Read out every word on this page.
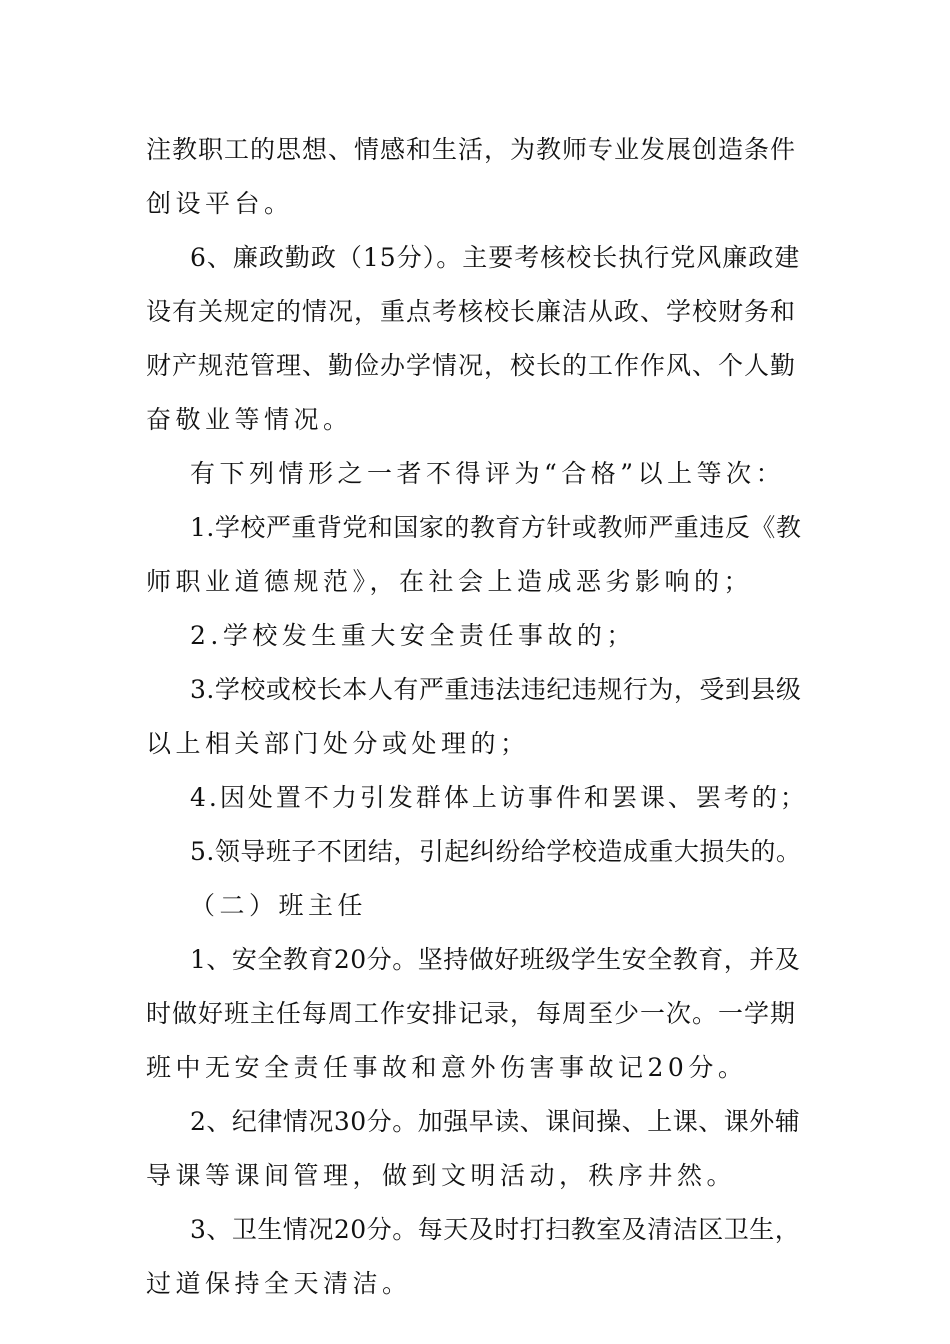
注教职工的思想、情感和生活，为教师专业发展创造条件
创设平台。
6、廉政勤政（15分）。主要考核校长执行党风廉政建
设有关规定的情况，重点考核校长廉洁从政、学校财务和
财产规范管理、勤俭办学情况，校长的工作作风、个人勤
奋敬业等情况。
有下列情形之一者不得评为“合格”以上等次：
1.学校严重背党和国家的教育方针或教师严重违反《教
师职业道德规范》，在社会上造成恶劣影响的；
2.学校发生重大安全责任事故的；
3.学校或校长本人有严重违法违纪违规行为，受到县级
以上相关部门处分或处理的；
4.因处置不力引发群体上访事件和罢课、罢考的；
5.领导班子不团结，引起纠纷给学校造成重大损失的。
（二）班主任
1、安全教育20分。坚持做好班级学生安全教育，并及
时做好班主任每周工作安排记录，每周至少一次。一学期
班中无安全责任事故和意外伤害事故记20分。
2、纪律情况30分。加强早读、课间操、上课、课外辅
导课等课间管理，做到文明活动，秩序井然。
3、卫生情况20分。每天及时打扫教室及清洁区卫生，
过道保持全天清洁。
